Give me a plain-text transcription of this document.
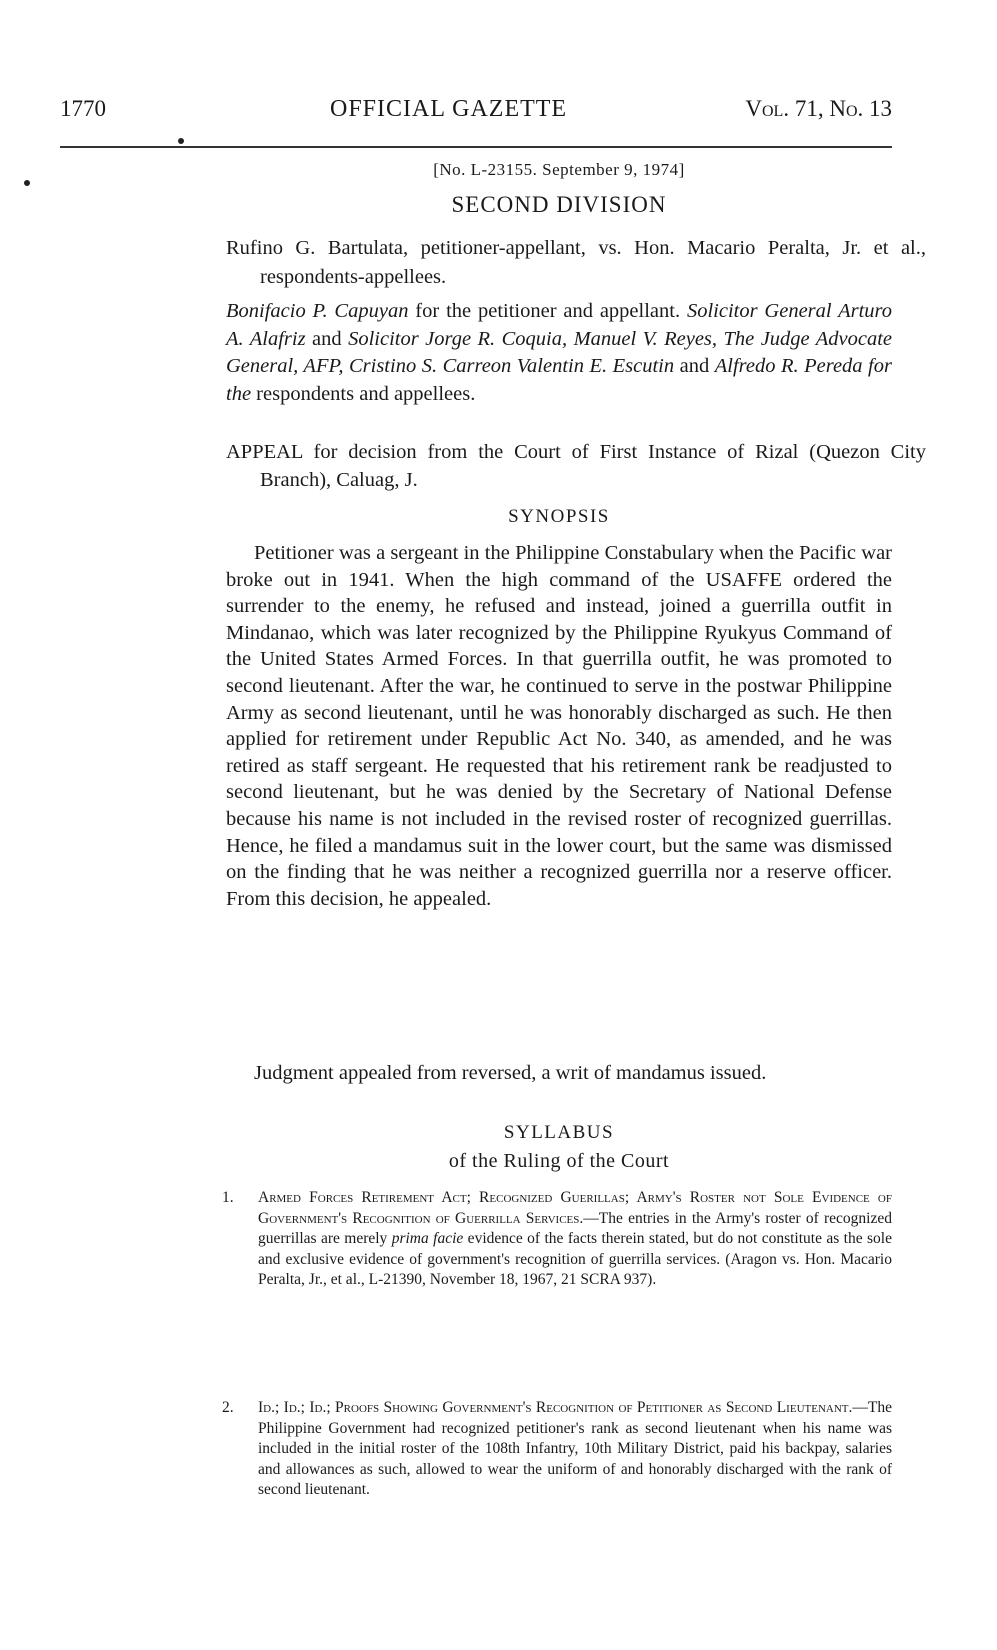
1770	OFFICIAL GAZETTE	Vol. 71, No. 13
[No. L-23155. September 9, 1974]
SECOND DIVISION
Rufino G. Bartulata, petitioner-appellant, vs. Hon. Macario Peralta, Jr. et al., respondents-appellees.
Bonifacio P. Capuyan for the petitioner and appellant. Solicitor General Arturo A. Alafriz and Solicitor Jorge R. Coquia, Manuel V. Reyes, The Judge Advocate General, AFP, Cristino S. Carreon Valentin E. Escutin and Alfredo R. Pereda for the respondents and appellees.
APPEAL for decision from the Court of First Instance of Rizal (Quezon City Branch), Caluag, J.
SYNOPSIS

Petitioner was a sergeant in the Philippine Constabulary when the Pacific war broke out in 1941. When the high command of the USAFFE ordered the surrender to the enemy, he refused and instead, joined a guerrilla outfit in Mindanao, which was later recognized by the Philippine Ryukyus Command of the United States Armed Forces. In that guerrilla outfit, he was promoted to second lieutenant. After the war, he continued to serve in the postwar Philippine Army as second lieutenant, until he was honorably discharged as such. He then applied for retirement under Republic Act No. 340, as amended, and he was retired as staff sergeant. He requested that his retirement rank be readjusted to second lieutenant, but he was denied by the Secretary of National Defense because his name is not included in the revised roster of recognized guerrillas. Hence, he filed a mandamus suit in the lower court, but the same was dismissed on the finding that he was neither a recognized guerrilla nor a reserve officer. From this decision, he appealed.

Judgment appealed from reversed, a writ of mandamus issued.

SYLLABUS
of the Ruling of the Court
1. Armed Forces Retirement Act; Recognized Guerillas; Army's Roster not Sole Evidence of Government's Recognition of Guerrilla Services.—The entries in the Army's roster of recognized guerrillas are merely prima facie evidence of the facts therein stated, but do not constitute as the sole and exclusive evidence of government's recognition of guerrilla services. (Aragon vs. Hon. Macario Peralta, Jr., et al., L-21390, November 18, 1967, 21 SCRA 937).
2. Id.; Id.; Id.; Proofs Showing Government's Recognition of Petitioner as Second Lieutenant.—The Philippine Government had recognized petitioner's rank as second lieutenant when his name was included in the initial roster of the 108th Infantry, 10th Military District, paid his backpay, salaries and allowances as such, allowed to wear the uniform of and honorably discharged with the rank of second lieutenant.
